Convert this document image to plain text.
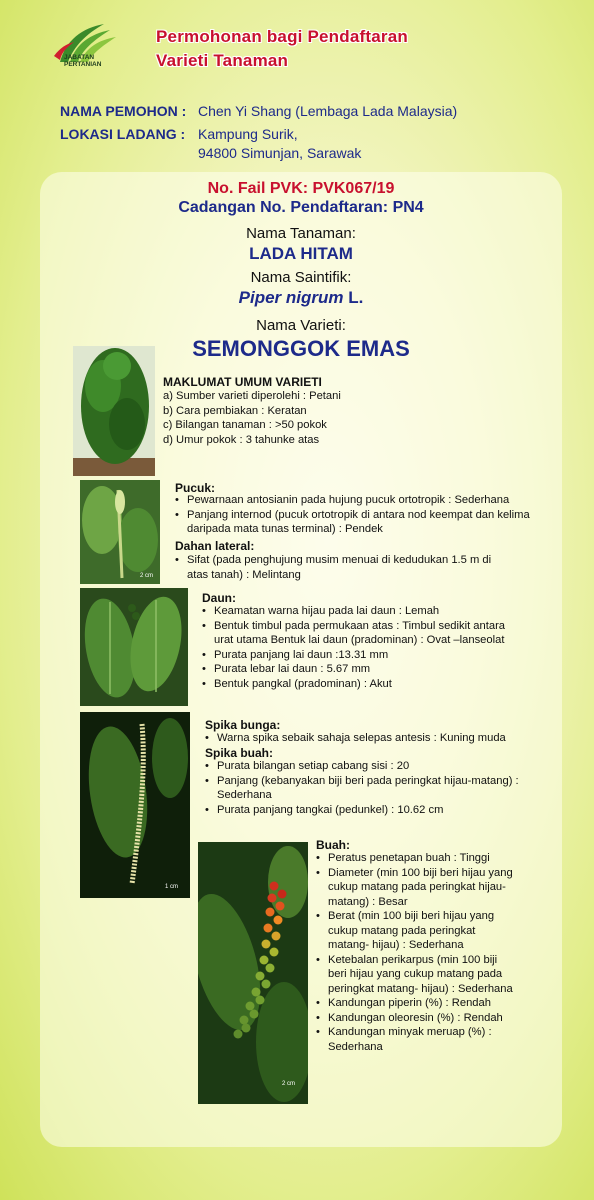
JABATAN
PERTANIAN
Permohonan bagi Pendaftaran
Varieti Tanaman
NAMA PEMOHON : Chen Yi Shang (Lembaga Lada Malaysia)
LOKASI LADANG : Kampung Surik,
94800 Simunjan, Sarawak
No. Fail PVK: PVK067/19
Cadangan No. Pendaftaran: PN4
Nama Tanaman:
LADA HITAM
Nama Saintifik:
Piper nigrum L.
Nama Varieti:
SEMONGGOK EMAS
MAKLUMAT UMUM VARIETI
a) Sumber varieti diperolehi : Petani
b) Cara pembiakan : Keratan
c) Bilangan tanaman : >50 pokok
d) Umur pokok : 3 tahunke atas
2 cm
Pucuk:
• Pewarnaan antosianin pada hujung pucuk ortotropik : Sederhana
• Panjang internod (pucuk ortotropik di antara nod keempat dan kelima daripada mata tunas terminal) : Pendek
Dahan lateral:
• Sifat (pada penghujung musim menuai di kedudukan 1.5 m di atas tanah) : Melintang
Daun:
• Keamatan warna hijau pada lai daun : Lemah
• Bentuk timbul pada permukaan atas : Timbul sedikit antara urat utama Bentuk lai daun (pradominan) : Ovat –lanseolat
• Purata panjang lai daun :13.31 mm
• Purata lebar lai daun : 5.67 mm
• Bentuk pangkal (pradominan) : Akut
1 cm
Spika bunga:
• Warna spika sebaik sahaja selepas antesis : Kuning muda
Spika buah:
• Purata bilangan setiap cabang sisi : 20
• Panjang (kebanyakan biji beri pada peringkat hijau-matang) : Sederhana
• Purata panjang tangkai (pedunkel) : 10.62 cm
2 cm
Buah:
• Peratus penetapan buah : Tinggi
• Diameter (min 100 biji beri hijau yang cukup matang pada peringkat hijau-matang) : Besar
• Berat (min 100 biji beri hijau yang cukup matang pada peringkat matang- hijau) : Sederhana
• Ketebalan perikarpus (min 100 biji beri hijau yang cukup matang pada peringkat matang- hijau) : Sederhana
• Kandungan piperin (%) : Rendah
• Kandungan oleoresin (%) : Rendah
• Kandungan minyak meruap (%) : Sederhana
